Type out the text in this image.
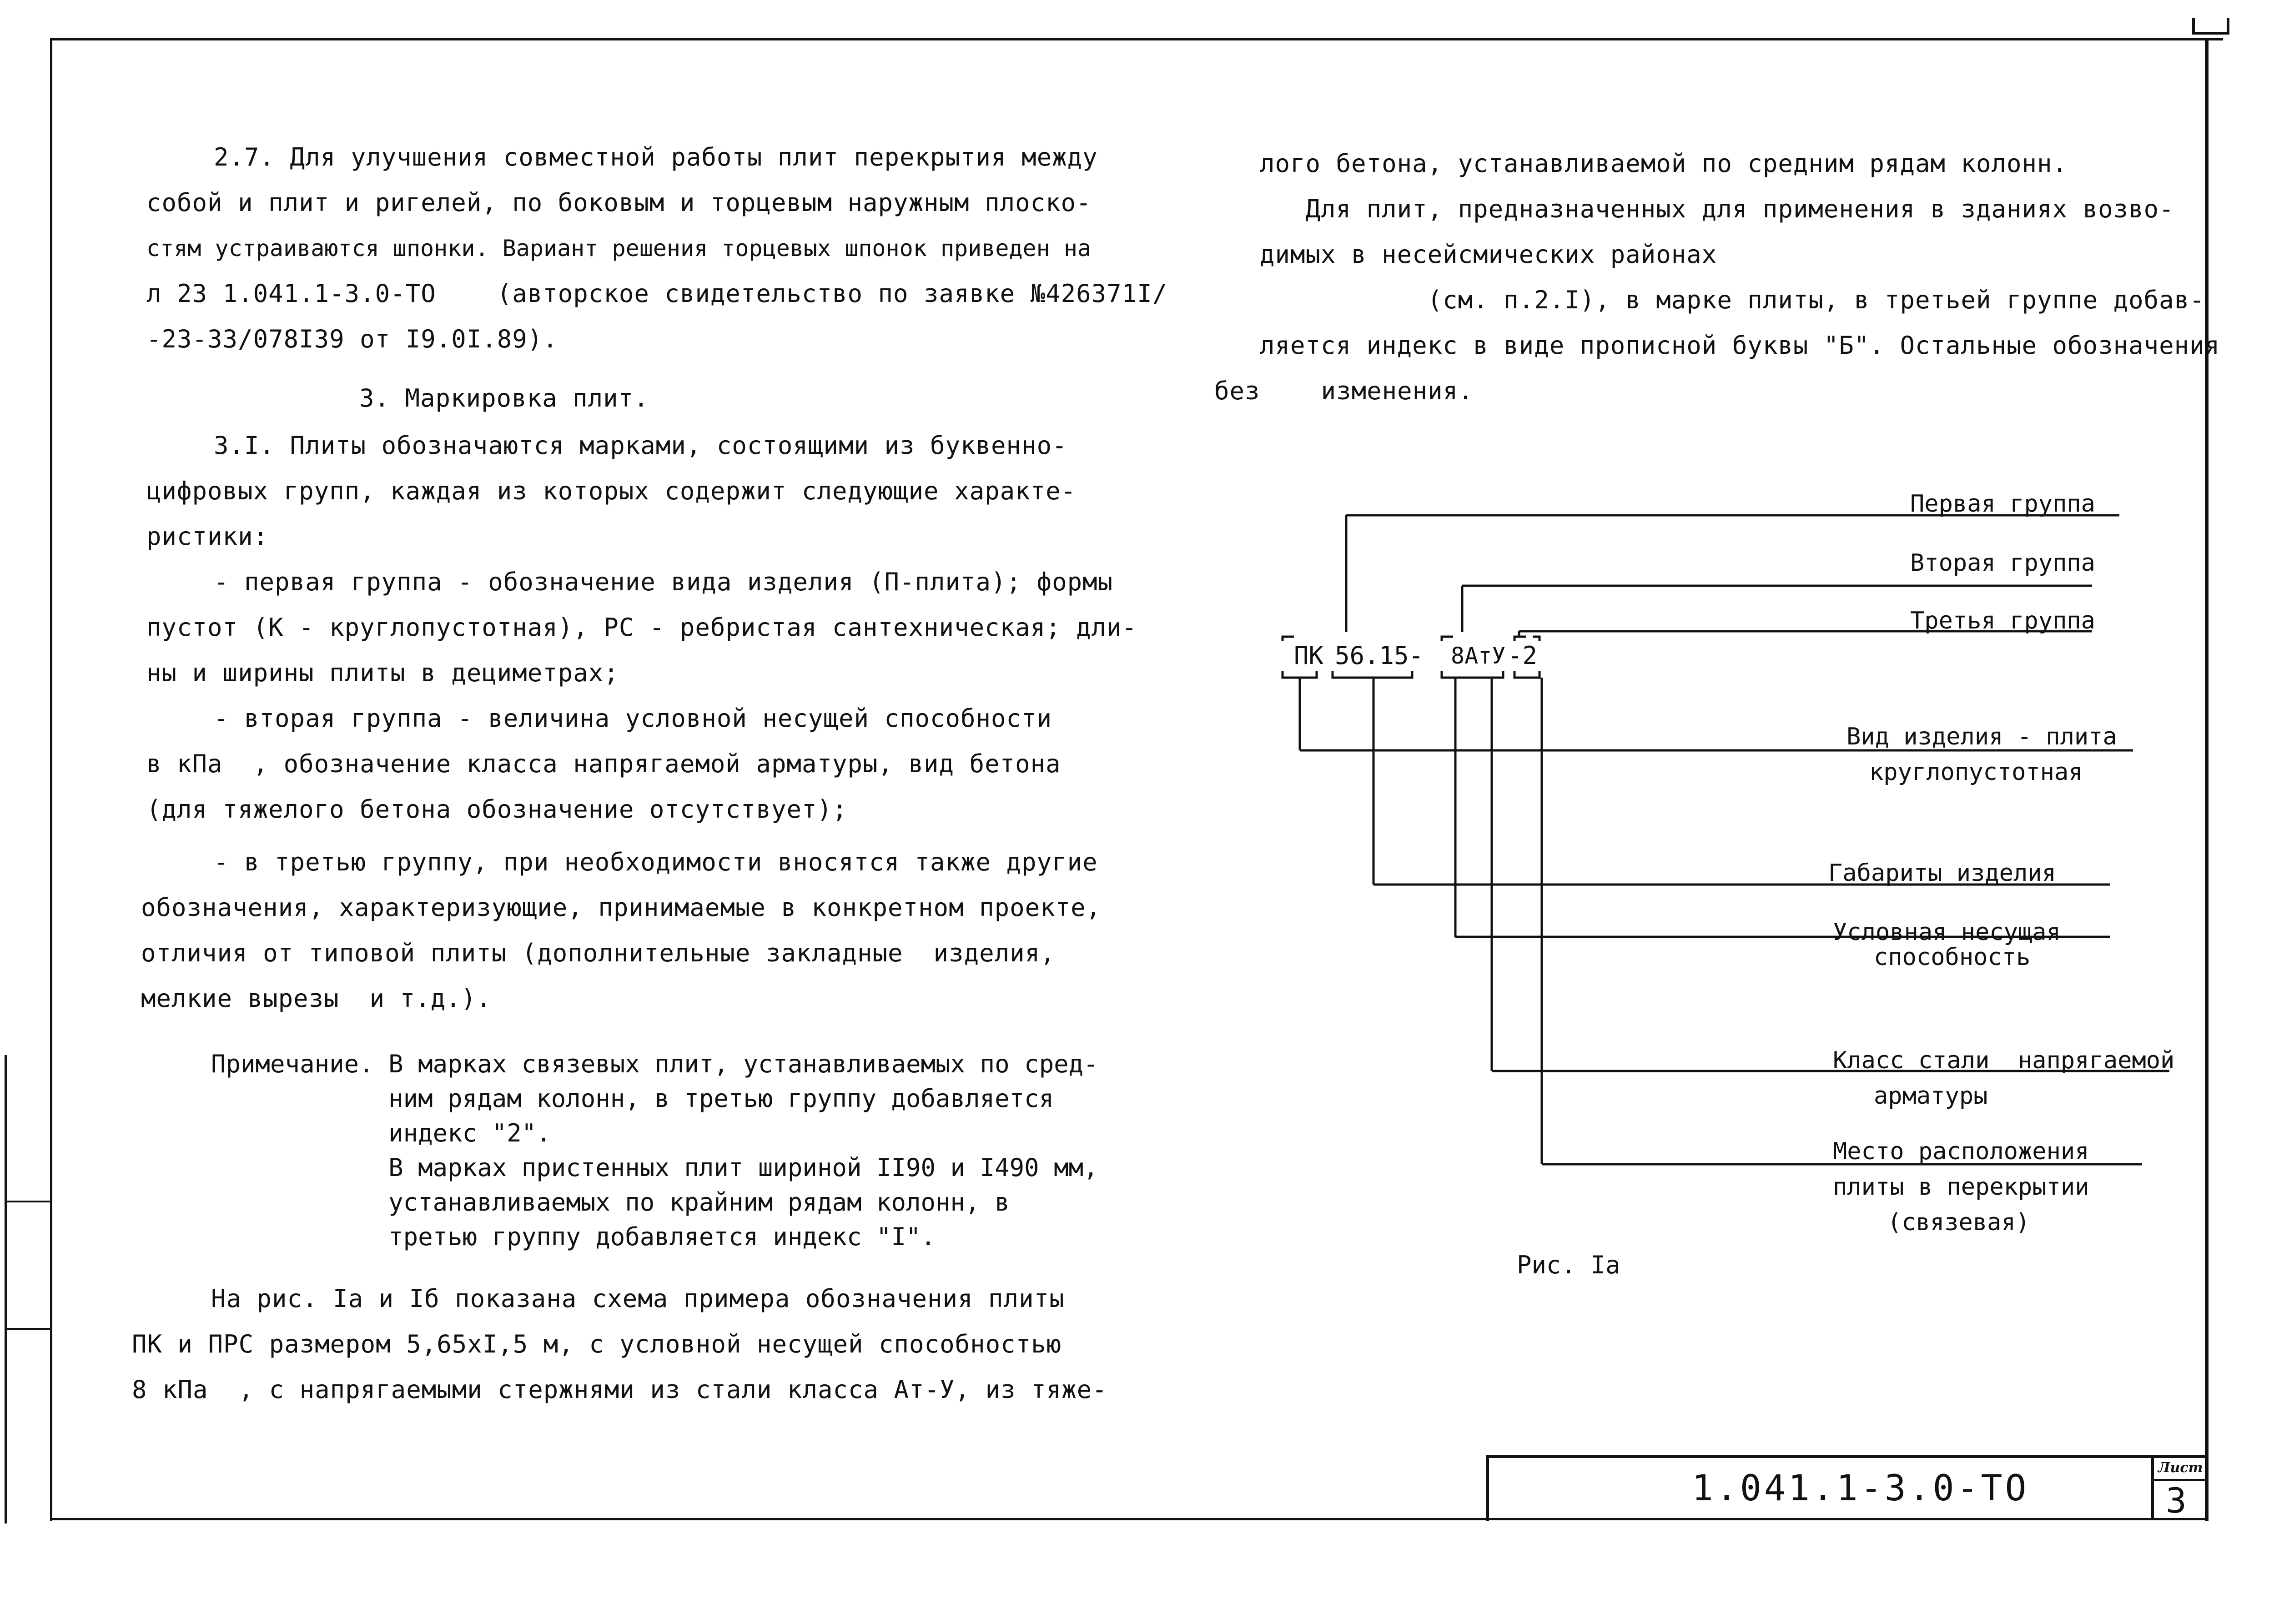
2.7. Для улучшения совместной работы плит перекрытия между
собой и плит и ригелей, по боковым и торцевым наружным плоско-
стям устраиваются шпонки. Вариант решения торцевых шпонок приведен на
л 23 1.041.1-3.0-ТО    (авторское свидетельство по заявке №426371I/
-23-33/078I39 от I9.0I.89).
3. Маркировка плит.
3.I. Плиты обозначаются марками, состоящими из буквенно-
цифровых групп, каждая из которых содержит следующие характе-
ристики:
- первая группа - обозначение вида изделия (П-плита); формы
пустот (К - круглопустотная), РС - ребристая сантехническая; дли-
ны и ширины плиты в дециметрах;
- вторая группа - величина условной несущей способности
в кПа  , обозначение класса напрягаемой арматуры, вид бетона
(для тяжелого бетона обозначение отсутствует);
- в третью группу, при необходимости вносятся также другие
обозначения, характеризующие, принимаемые в конкретном проекте,
отличия от типовой плиты (дополнительные закладные  изделия,
мелкие вырезы  и т.д.).
Примечание. В марках связевых плит, устанавливаемых по сред-
ним рядам колонн, в третью группу добавляется
индекс "2".
В марках пристенных плит шириной II90 и I490 мм,
устанавливаемых по крайним рядам колонн, в
третью группу добавляется индекс "I".
На рис. Iа и Iб показана схема примера обозначения плиты
ПК и ПРС размером 5,65хI,5 м, с условной несущей способностью
8 кПа  , с напрягаемыми стержнями из стали класса Ат-У, из тяже-
лого бетона, устанавливаемой по средним рядам колонн.
Для плит, предназначенных для применения в зданиях возво-
димых в несейсмических районах
(см. п.2.I), в марке плиты, в третьей группе добав-
ляется индекс в виде прописной буквы "Б". Остальные обозначения
без    изменения.
ПК 56.15- 8АтУ -2
Первая группа
Вторая группа
Третья группа
Вид изделия - плита
круглопустотная
Габариты изделия
Условная несущая
способность
Класс стали  напрягаемой
арматуры
Место расположения
плиты в перекрытии
(связевая)
Рис. Iа
1.041.1-3.0-ТО
Лист
3
